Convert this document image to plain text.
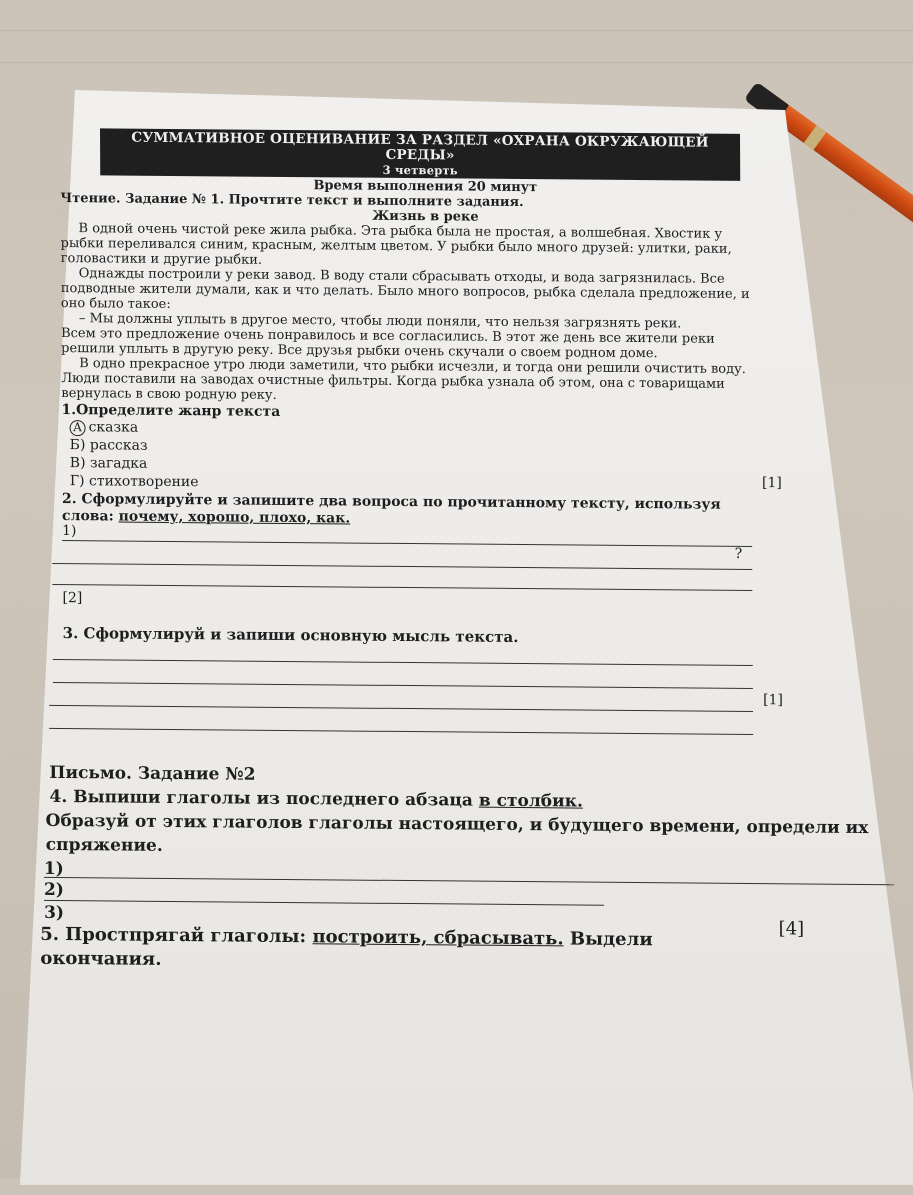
СУММАТИВНОЕ ОЦЕНИВАНИЕ ЗА РАЗДЕЛ «ОХРАНА ОКРУЖАЮЩЕЙ СРЕДЫ»
3 четверть
Время выполнения 20 минут
Чтение. Задание № 1. Прочтите текст и выполните задания.
Жизнь в реке

В одной очень чистой реке жила рыбка. Эта рыбка была не простая, а волшебная. Хвостик у рыбки переливался синим, красным, желтым цветом. У рыбки было много друзей: улитки, раки, головастики и другие рыбки.

Однажды построили у реки завод. В воду стали сбрасывать отходы, и вода загрязнилась. Все подводные жители думали, как и что делать. Было много вопросов, рыбка сделала предложение, и оно было такое:

– Мы должны уплыть в другое место, чтобы люди поняли, что нельзя загрязнять реки.

Всем это предложение очень понравилось и все согласились. В этот же день все жители реки решили уплыть в другую реку. Все друзья рыбки очень скучали о своем родном доме.

В одно прекрасное утро люди заметили, что рыбки исчезли, и тогда они решили очистить воду. Люди поставили на заводах очистные фильтры. Когда рыбка узнала об этом, она с товарищами вернулась в свою родную реку.

1.Определите жанр текста
А сказка
Б) рассказ
В) загадка
Г) стихотворение	[1]
2. Сформулируйте и запишите два вопроса по прочитанному тексту, используя
слова: почему, хорошо, плохо, как.
1)
?
[2]
3. Сформулируй и запиши основную мысль текста.
[1]
Письмо. Задание №2
4. Выпиши глаголы из последнего абзаца в столбик.
Образуй от этих глаголов глаголы настоящего, и будущего времени, определи их спряжение.
1)
2)
3)
5. Простпрягай глаголы: построить, сбрасывать. Выдели окончания.
[4]
